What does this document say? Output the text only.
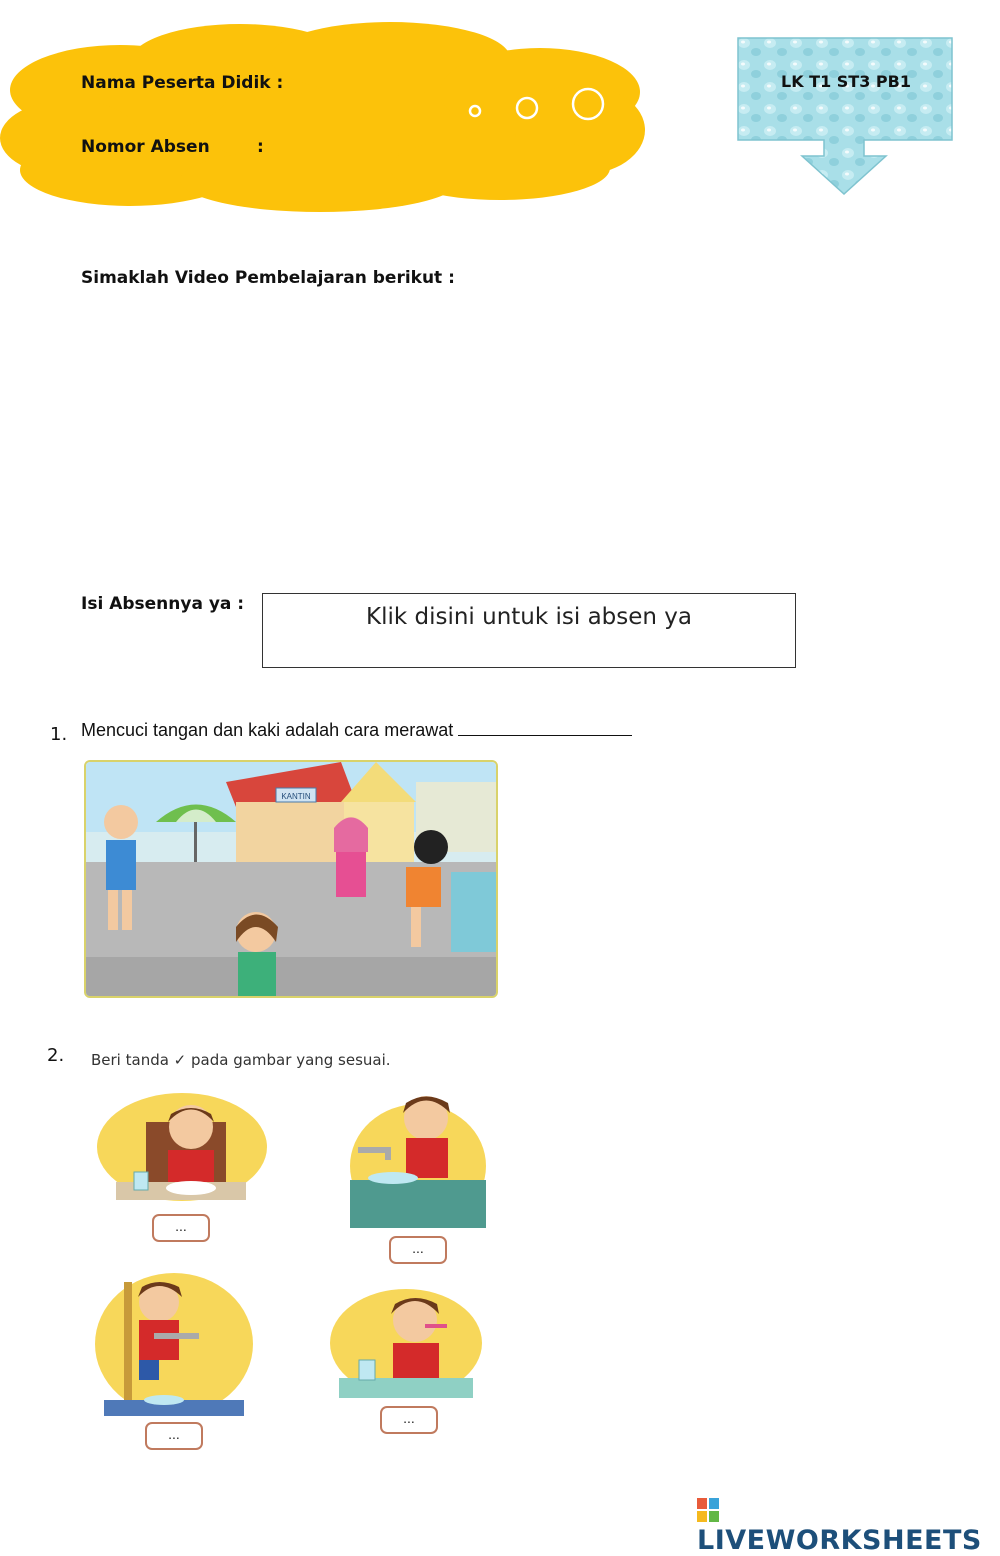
Nama Peserta Didik :
Nomor Absen	:
LK T1 ST3 PB1
Simaklah Video Pembelajaran berikut :
Isi Absennya ya :	Klik disini untuk isi absen ya
1. Mencuci tangan dan kaki adalah cara merawat
KANTIN
2. Beri tanda ✓ pada gambar yang sesuai.
...
...
...
...
LIVEWORKSHEETS
